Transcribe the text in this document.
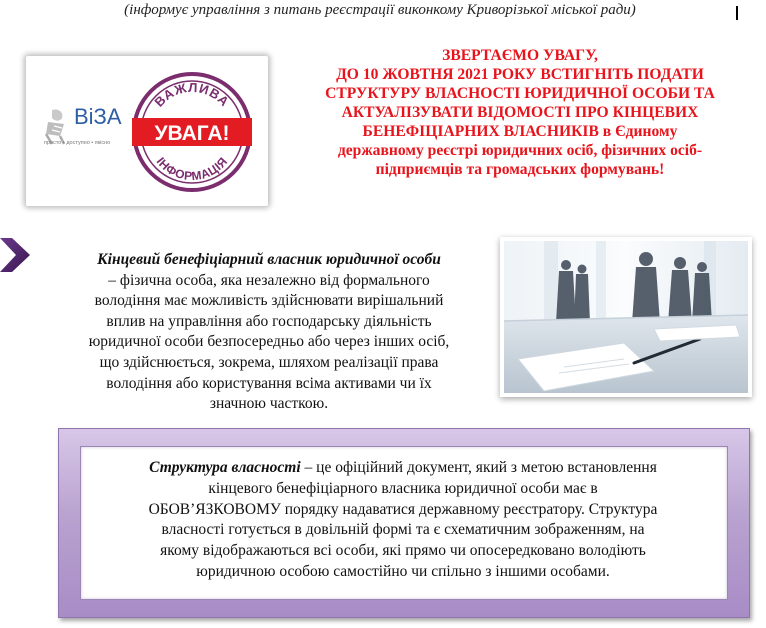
(інформує управління з питань реєстрації виконкому Криворізької міської ради)
ВіЗА
просто • доступно • якісно
ВАЖЛИВА
ІНФОРМАЦІЯ
УВАГА!
ЗВЕРТАЄМО УВАГУ,
ДО 10 ЖОВТНЯ 2021 РОКУ ВСТИГНІТЬ ПОДАТИ
СТРУКТУРУ ВЛАСНОСТІ ЮРИДИЧНОЇ ОСОБИ ТА
АКТУАЛІЗУВАТИ ВІДОМОСТІ ПРО КІНЦЕВИХ
БЕНЕФІЦІАРНИХ ВЛАСНИКІВ в Єдиному
державному реєстрі юридичних осіб, фізичних осіб-
підприємців та громадських формувань!
Кінцевий бенефіціарний власник юридичної особи
– фізична особа, яка незалежно від формального
володіння має можливість здійснювати вирішальний
вплив на управління або господарську діяльність
юридичної особи безпосередньо або через інших осіб,
що здійснюється, зокрема, шляхом реалізації права
володіння або користування всіма активами чи їх
значною часткою.
Структура власності – це офіційний документ, який з метою встановлення
кінцевого бенефіціарного власника юридичної особи має в
ОБОВ’ЯЗКОВОМУ порядку надаватися державному реєстратору. Структура
власності готується в довільній формі та є схематичним зображенням, на
якому відображаються всі особи, які прямо чи опосередковано володіють
юридичною особою самостійно чи спільно з іншими особами.
